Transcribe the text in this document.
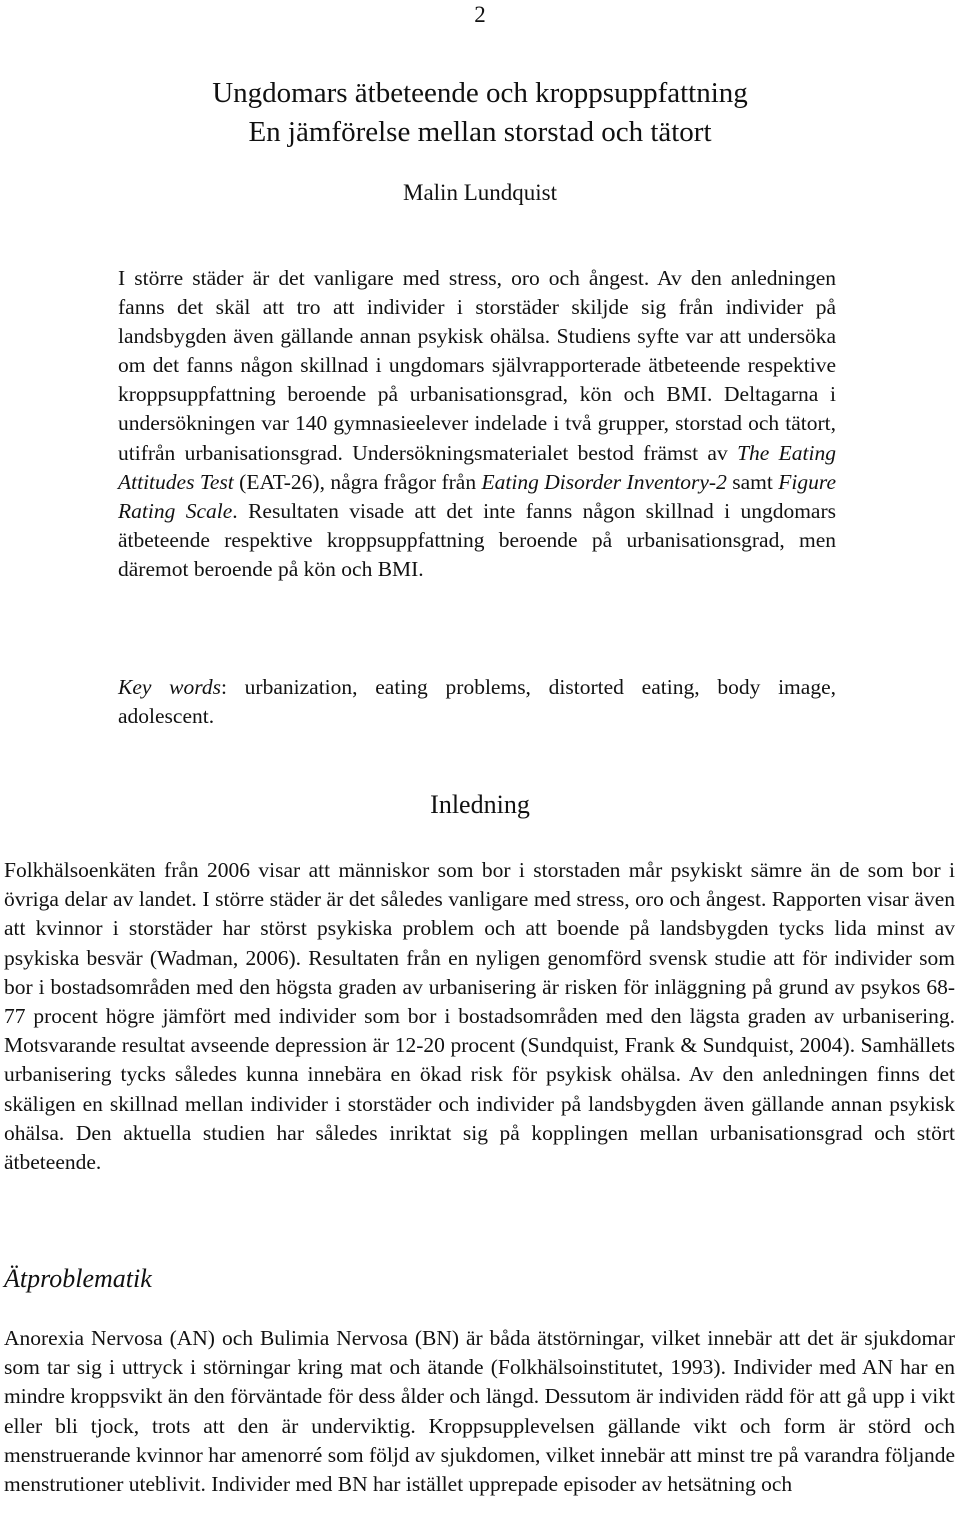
2
Ungdomars ätbeteende och kroppsuppfattning
En jämförelse mellan storstad och tätort
Malin Lundquist

I större städer är det vanligare med stress, oro och ångest. Av den anledningen fanns det skäl att tro att individer i storstäder skiljde sig från individer på landsbygden även gällande annan psykisk ohälsa. Studiens syfte var att undersöka om det fanns någon skillnad i ungdomars självrapporterade ätbeteende respektive kroppsuppfattning beroende på urbanisationsgrad, kön och BMI. Deltagarna i undersökningen var 140 gymnasieelever indelade i två grupper, storstad och tätort, utifrån urbanisationsgrad. Undersökningsmaterialet bestod främst av The Eating Attitudes Test (EAT-26), några frågor från Eating Disorder Inventory-2 samt Figure Rating Scale. Resultaten visade att det inte fanns någon skillnad i ungdomars ätbeteende respektive kroppsuppfattning beroende på urbanisationsgrad, men däremot beroende på kön och BMI.

Key words: urbanization, eating problems, distorted eating, body image, adolescent.

Inledning

Folkhälsoenkäten från 2006 visar att människor som bor i storstaden mår psykiskt sämre än de som bor i övriga delar av landet. I större städer är det således vanligare med stress, oro och ångest. Rapporten visar även att kvinnor i storstäder har störst psykiska problem och att boende på landsbygden tycks lida minst av psykiska besvär (Wadman, 2006). Resultaten från en nyligen genomförd svensk studie att för individer som bor i bostadsområden med den högsta graden av urbanisering är risken för inläggning på grund av psykos 68-77 procent högre jämfört med individer som bor i bostadsområden med den lägsta graden av urbanisering. Motsvarande resultat avseende depression är 12-20 procent (Sundquist, Frank & Sundquist, 2004). Samhällets urbanisering tycks således kunna innebära en ökad risk för psykisk ohälsa. Av den anledningen finns det skäligen en skillnad mellan individer i storstäder och individer på landsbygden även gällande annan psykisk ohälsa. Den aktuella studien har således inriktat sig på kopplingen mellan urbanisationsgrad och stört ätbeteende.

Ätproblematik

Anorexia Nervosa (AN) och Bulimia Nervosa (BN) är båda ätstörningar, vilket innebär att det är sjukdomar som tar sig i uttryck i störningar kring mat och ätande (Folkhälsoinstitutet, 1993). Individer med AN har en mindre kroppsvikt än den förväntade för dess ålder och längd. Dessutom är individen rädd för att gå upp i vikt eller bli tjock, trots att den är underviktig. Kroppsupplevelsen gällande vikt och form är störd och menstruerande kvinnor har amenorré som följd av sjukdomen, vilket innebär att minst tre på varandra följande menstrutioner uteblivit. Individer med BN har istället upprepade episoder av hetsätning och
